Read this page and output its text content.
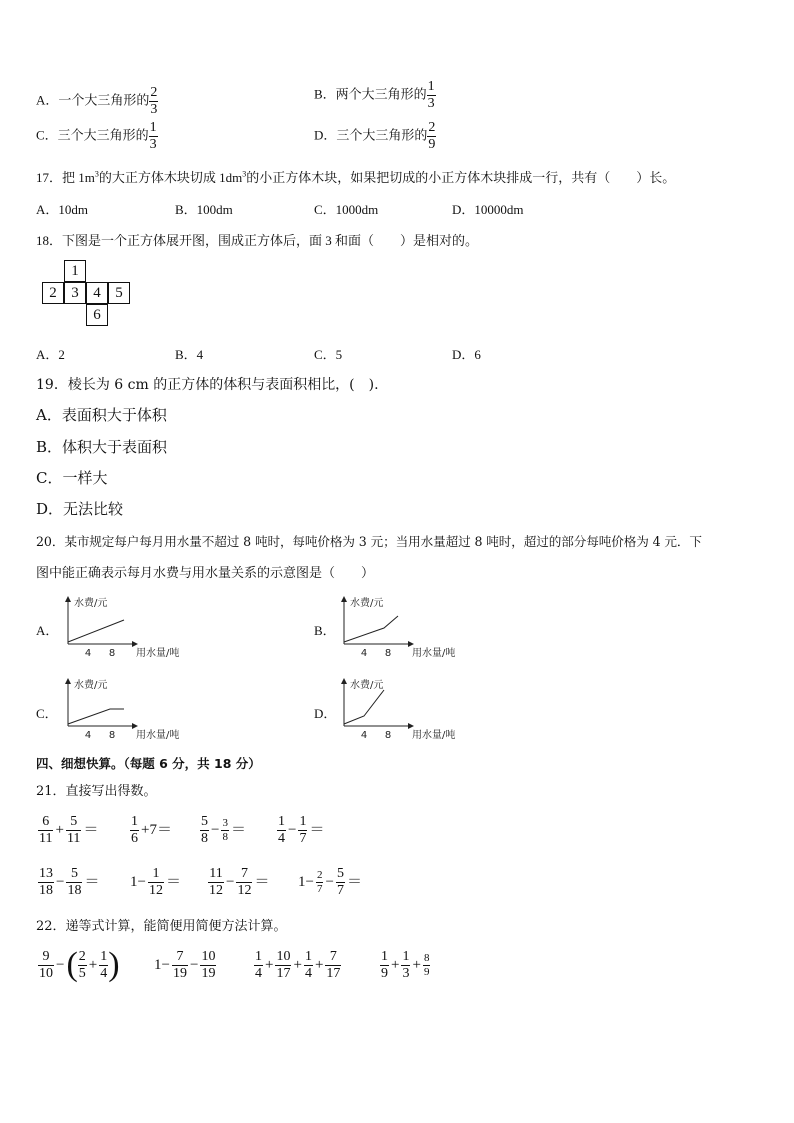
A．一个大三角形的 $\frac{2}{3}$	B．两个大三角形的 $\frac{1}{3}$
C．三个大三角形的 $\frac{1}{3}$	D．三个大三角形的 $\frac{2}{9}$
17．把 $1m^3$的大正方体木块切成 $1dm^3$的小正方体木块，如果把切成的小正方体木块排成一行，共有（　　）长。
A．10dm	B．100dm	C．1000dm	D．10000dm
18．下图是一个正方体展开图，围成正方体后，面 3 和面（　　）是相对的。
1
2 3 4 5
6
A．2	B．4	C．5	D．6
19．棱长为 6 cm 的正方体的体积与表面积相比，(　).
A．表面积大于体积
B．体积大于表面积
C．一样大
D．无法比较
20．某市规定每户每月用水量不超过 8 吨时，每吨价格为 3 元；当用水量超过 8 吨时，超过的部分每吨价格为 4 元．下
图中能正确表示每月水费与用水量关系的示意图是（　　）
A．	B．
C．	D．
水费/元
用水量/吨
4 8
水费/元
用水量/吨
4 8
水费/元
用水量/吨
4 8
水费/元
用水量/吨
4 8
四、细想快算。（每题 6 分，共 18 分）
21．直接写出得数。
$\frac{6}{11} + \frac{5}{11} = \frac{1}{6} +7= \frac{5}{8} - \frac{3}{8} = \frac{1}{4} - \frac{1}{7}$ ＝
$\frac{13}{18} - \frac{5}{18} = 1- \frac{1}{12} = \frac{11}{12} - \frac{7}{12} = 1- \frac{2}{7} - \frac{5}{7}$ ＝
22．递等式计算，能简便用简便方法计算。
$\frac{9}{10}$ −( $\frac{2}{5} + \frac{1}{4}$ ) $1- \frac{7}{19} - \frac{10}{19}$	$\frac{1}{4} + \frac{10}{17} + \frac{1}{4} + \frac{7}{17}$	$\frac{1}{9} + \frac{1}{3} + \frac{8}{9}$
